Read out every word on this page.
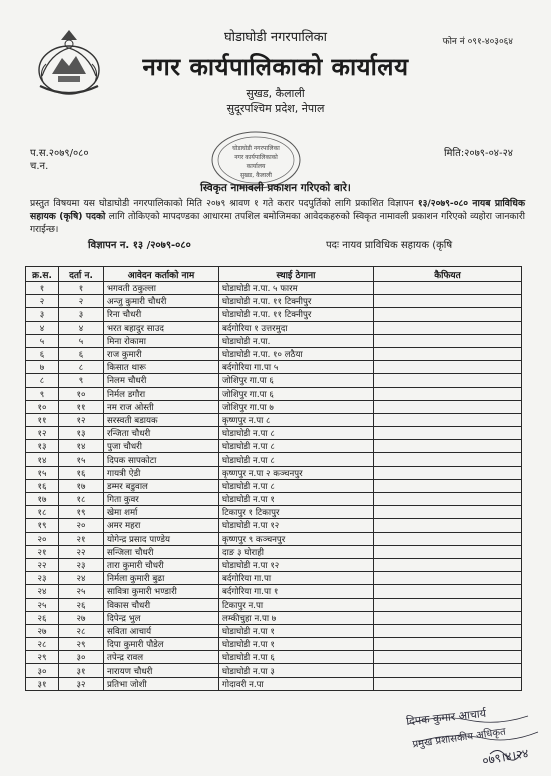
घोडाघोडी नगरपालिका
नगर कार्यपालिकाको कार्यालय
सुखड, कैलाली
सुदूरपश्चिम प्रदेश, नेपाल
फोन नं ०९१-४०३०६४
प.स.२०७९/०८०
च.न.
मिति:२०७९-०४-२४
घोडाघोडी नगरपालिका
नगर कार्यपालिकाको
कार्यालय
सुखड, कैलाली
स्विकृत नामावली प्रकाशन गरिएको बारे।
प्रस्तुत विषयमा यस घोडाघोडी नगरपालिकाको मिति २०७९ श्रावण १ गते करार पदपुर्तिको लागि प्रकाशित विज्ञापन १३/२०७९-०८० नायब प्राविधिक सहायक (कृषि) पदको लागि तोकिएको मापदण्डका आधारमा तपशिल बमोजिमका आवेदकहरुको स्विकृत नामावली प्रकाशन गरिएको व्यहोरा जानकारी गराईन्छ।
विज्ञापन न. १३ /२०७९-०८०	पदः नायव प्राविधिक सहायक (कृषि
क्र.स.	दर्ता न.	आवेदन कर्ताको नाम	स्थाई ठेगाना	कैफियत
१	१	भगवती ठकुल्ला	घोडाघोडी न.पा. ५ फारम	
२	२	अन्जु कुमारी चौधरी	घोडाघोडी न.पा. ११ टिक्नीपुर	
३	३	रिना चौधरी	घोडाघोडी न.पा. ११ टिक्नीपुर	
४	४	भरत बहादुर साउद	बर्दगोरिया १ उत्तरमुदा	
५	५	मिना रोकामा	घोडाघोडी न.पा.	
६	६	राज कुमारी	घोडाघोडी न.पा. १० लठैया	
७	८	किसात थारू	बर्दगोरिया गा.पा ५	
८	९	निलम चौधरी	जोशिपुर गा.पा ६	
९	१०	निर्मल डगौरा	जोशिपुर गा.पा ६	
१०	११	नम राज ओस्ती	जोशिपुर गा.पा ७	
११	१२	सरस्वती बडायक	कृष्णपुर न.पा ८	
१२	१३	रन्जिता चौधरी	घोडाघोडी न.पा ८	
१३	१४	पुजा चौधरी	घोडाघोडी न.पा ८	
१४	१५	दिपक सापकोटा	घोडाघोडी न.पा ८	
१५	१६	गायत्री ऐडी	कृष्णपुर न.पा २ कञ्चनपुर	
१६	१७	डम्मर बडुवाल	घोडाघोडी न.पा ८	
१७	१८	गिता कुवर	घोडाघोडी न.पा १	
१८	१९	खेमा शर्मा	टिकापुर १ टिकापुर	
१९	२०	अमर महरा	घोडाघोडी न.पा १२	
२०	२१	योगेन्द्र प्रसाद पाण्डेय	कृष्णपुर ९ कञ्चनपुर	
२१	२२	सन्जिला चौधरी	दाङ ३ घोराही	
२२	२३	तारा कुमारी चौधरी	घोडाघोडी न.पा १२	
२३	२४	निर्मला कुमारी बुढा	बर्दगोरिया गा.पा	
२४	२५	सावित्रा कुमारी भण्डारी	बर्दगोरिया गा.पा १	
२५	२६	विकास चौधरी	टिकापुर न.पा	
२६	२७	दिपेन्द्र भुल	लम्कीचुहा न.पा ७	
२७	२८	सविता आचार्य	घोडाघोडी न.पा १	
२८	२९	दिपा कुमारी पौडेल	घोडाघोडी न.पा १	
२९	३०	तपेन्द्र रावल	घोडाघोडी न.पा ६	
३०	३१	नारायण चौधरी	घोडाघोडी न.पा ३	
३१	३२	प्रतिभा जोशी	गोदावरी न.पा	
दिपक कुमार आचार्य
प्रमुख प्रशासकीय अधिकृत
०७९।४।२४
